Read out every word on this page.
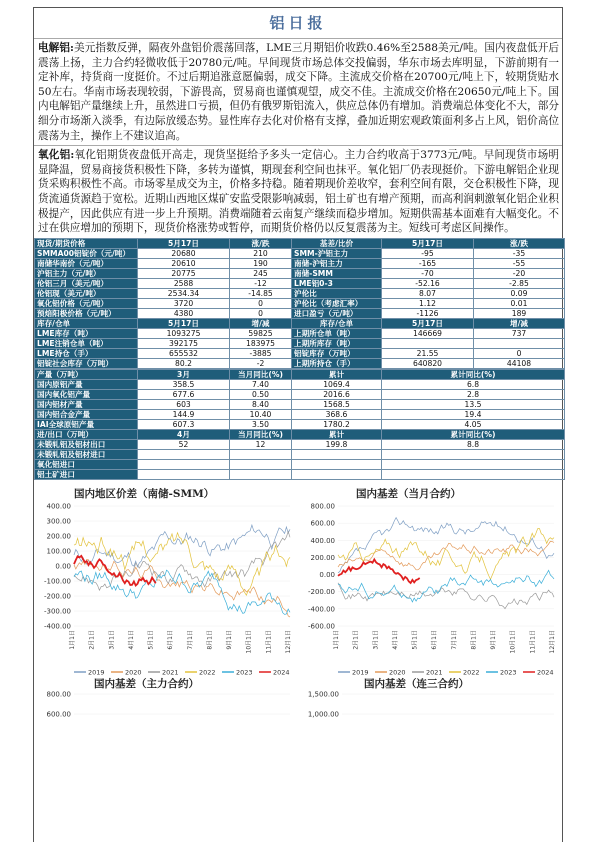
铝日报
电解铝:美元指数反弹，隔夜外盘铝价震荡回落，LME三月期铝价收跌0.46%至2588美元/吨。国内夜盘低开后震荡上扬，主力合约轻微收低于20780元/吨。早间现货市场总体交投偏弱，华东市场去库明显，下游前期有一定补库，持货商一度挺价。不过后期追涨意愿偏弱，成交下降。主流成交价格在20700元/吨上下，较期货贴水50左右。华南市场表现较弱，下游畏高，贸易商也谨慎观望，成交不佳。主流成交价格在20650元/吨上下。国内电解铝产量继续上升，虽然进口亏损，但仍有俄罗斯铝流入，供应总体仍有增加。消费端总体变化不大，部分细分市场渐入淡季，有边际放缓态势。显性库存去化对价格有支撑，叠加近期宏观政策面利多占上风，铝价高位震荡为主，操作上不建议追高。
氧化铝:氧化铝期货夜盘低开高走，现货坚挺给予多头一定信心。主力合约收高于3773元/吨。早间现货市场明显降温，贸易商接货积极性下降，多转为谨慎，期现套利空间也抹平。氧化铝厂仍表现挺价。下游电解铝企业现货采购积极性不高。市场零星成交为主，价格多持稳。随着期现价差收窄，套利空间有限，交仓积极性下降，现货流通货源趋于宽松。近期山西地区煤矿安监受限影响减弱，铝土矿也有增产预期，而高利润刺激氧化铝企业积极提产，因此供应有进一步上升预期。消费端随着云南复产继续而稳步增加。短期供需基本面难有大幅变化。不过在供应增加的预期下，现货价格涨势或暂停，而期货价格仍以反复震荡为主。短线可考虑区间操作。
现货/期货价格	5月17日	涨/跌	基差/比价	5月17日	涨/跌
SMMA00铝锭价（元/吨）	20680	210	SMM-沪铝主力	-95	-35
南储华南价（元/吨）	20610	190	南储-沪铝主力	-165	-55
沪铝主力（元/吨）	20775	245	南储-SMM	-70	-20
伦铝三月（美元/吨）	2588	-12	LME铝0-3	-52.16	-2.85
伦铝现（美元/吨）	2534.34	-14.85	沪伦比	8.07	0.09
氧化铝价格（元/吨）	3720	0	沪伦比（考虑汇率）	1.12	0.01
预焙阳极价格（元/吨）	4380	0	进口盈亏（元/吨）	-1126	189
库存/仓单	5月17日	增/减	库存/仓单	5月17日	增/减
LME库存（吨）	1093275	59825	上期所仓单（吨）	146669	737
LME注销仓单（吨）	392175	183975	上期所库存（吨）		
LME持仓（手）	655532	-3885	铝锭库存（万吨）	21.55	0
铝锭社会库存（万吨）	80.2	-2	上期所持仓（手）	640820	44108
产量（万吨）	3月	当月同比(%)	累计	累计同比(%)
国内原铝产量	358.5	7.40	1069.4	6.8
国内氧化铝产量	677.6	0.50	2016.6	2.8
国内铝材产量	603	8.40	1568.5	13.5
国内铝合金产量	144.9	10.40	368.6	19.4
IAI全球原铝产量	607.3	3.50	1780.2	4.05
进/出口（万吨）	4月	当月同比(%)	累计	累计同比(%)
未锻轧铝及铝材出口	52	12	199.8	8.8
未锻轧铝及铝材进口				
氧化铝进口				
铝土矿进口				
国内地区价差（南储-SMM）	国内基差（当月合约）
400.00
300.00
200.00
100.00
0.00
-100.00
-200.00
-300.00
-400.00
1月1日 2月1日 3月1日 4月1日 5月1日 6月1日 7月1日 8月1日 9月1日 10月1日 11月1日 12月1日
2019	2020	2021	2022	2023	2024
800.00
600.00
400.00
200.00
0.00
-200.00
-400.00
-600.00
1月1日 2月1日 3月1日 4月1日 5月1日 6月1日 7月1日 8月1日 9月1日 10月1日 11月1日 12月1日
2019	2020	2021	2022	2023	2024
国内基差（主力合约）	国内基差（连三合约）
800.00
600.00
1,500.00
1,000.00
